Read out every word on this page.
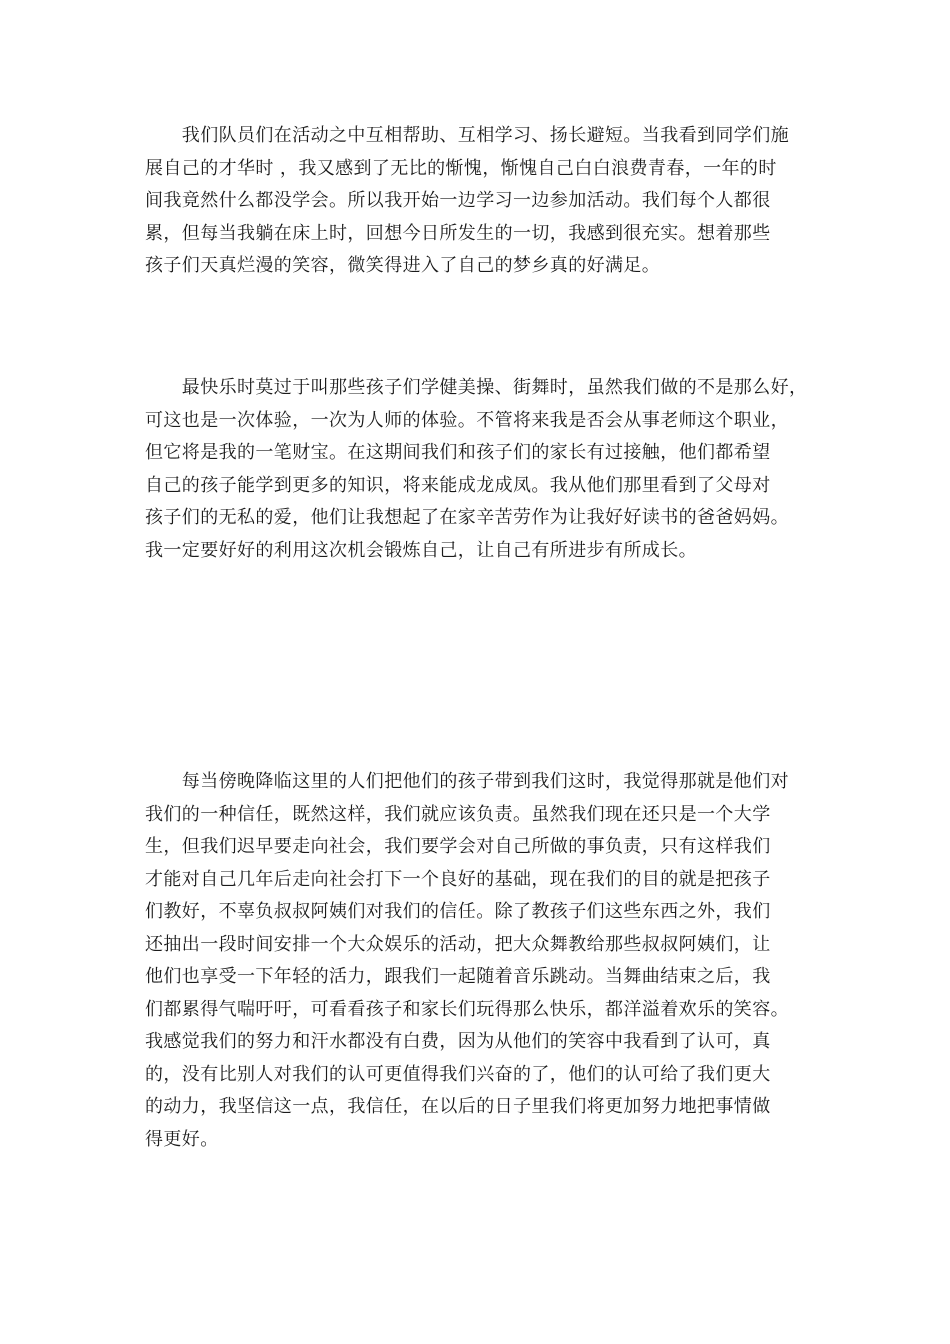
　　我们队员们在活动之中互相帮助、互相学习、扬长避短。当我看到同学们施
展自己的才华时 ，我又感到了无比的惭愧，惭愧自己白白浪费青春，一年的时
间我竟然什么都没学会。所以我开始一边学习一边参加活动。我们每个人都很
累，但每当我躺在床上时，回想今日所发生的一切，我感到很充实。想着那些
孩子们天真烂漫的笑容，微笑得进入了自己的梦乡真的好满足。

　　最快乐时莫过于叫那些孩子们学健美操、街舞时，虽然我们做的不是那么好，
可这也是一次体验，一次为人师的体验。不管将来我是否会从事老师这个职业，
但它将是我的一笔财宝。在这期间我们和孩子们的家长有过接触，他们都希望
自己的孩子能学到更多的知识，将来能成龙成凤。我从他们那里看到了父母对
孩子们的无私的爱，他们让我想起了在家辛苦劳作为让我好好读书的爸爸妈妈。
我一定要好好的利用这次机会锻炼自己，让自己有所进步有所成长。

　　每当傍晚降临这里的人们把他们的孩子带到我们这时，我觉得那就是他们对
我们的一种信任，既然这样，我们就应该负责。虽然我们现在还只是一个大学
生，但我们迟早要走向社会，我们要学会对自己所做的事负责，只有这样我们
才能对自己几年后走向社会打下一个良好的基础，现在我们的目的就是把孩子
们教好，不辜负叔叔阿姨们对我们的信任。除了教孩子们这些东西之外，我们
还抽出一段时间安排一个大众娱乐的活动，把大众舞教给那些叔叔阿姨们，让
他们也享受一下年轻的活力，跟我们一起随着音乐跳动。当舞曲结束之后，我
们都累得气喘吁吁，可看看孩子和家长们玩得那么快乐，都洋溢着欢乐的笑容。
我感觉我们的努力和汗水都没有白费，因为从他们的笑容中我看到了认可，真
的，没有比别人对我们的认可更值得我们兴奋的了，他们的认可给了我们更大
的动力，我坚信这一点，我信任，在以后的日子里我们将更加努力地把事情做
得更好。
